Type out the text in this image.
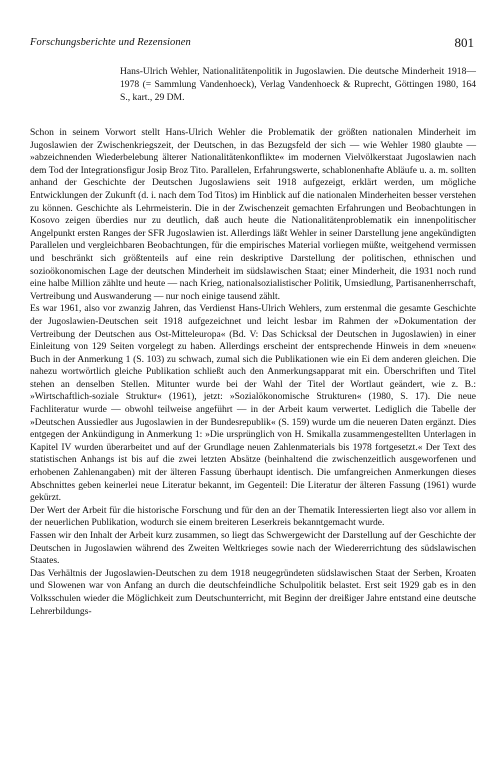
Forschungsberichte und Rezensionen	801
Hans-Ulrich Wehler, Nationalitätenpolitik in Jugoslawien. Die deutsche Minderheit 1918—1978 (= Sammlung Vandenhoeck), Verlag Vandenhoeck & Ruprecht, Göttingen 1980, 164 S., kart., 29 DM.

Schon in seinem Vorwort stellt Hans-Ulrich Wehler die Problematik der größten nationalen Minderheit im Jugoslawien der Zwischenkriegszeit, der Deutschen, in das Bezugsfeld der sich — wie Wehler 1980 glaubte — »abzeichnenden Wiederbelebung älterer Nationalitätenkonflikte« im modernen Vielvölkerstaat Jugoslawien nach dem Tod der Integrationsfigur Josip Broz Tito. Parallelen, Erfahrungswerte, schablonenhafte Abläufe u. a. m. sollten anhand der Geschichte der Deutschen Jugoslawiens seit 1918 aufgezeigt, erklärt werden, um mögliche Entwicklungen der Zukunft (d. i. nach dem Tod Titos) im Hinblick auf die nationalen Minderheiten besser verstehen zu können. Geschichte als Lehrmeisterin. Die in der Zwischenzeit gemachten Erfahrungen und Beobachtungen in Kosovo zeigen überdies nur zu deutlich, daß auch heute die Nationalitätenproblematik ein innenpolitischer Angelpunkt ersten Ranges der SFR Jugoslawien ist. Allerdings läßt Wehler in seiner Darstellung jene angekündigten Parallelen und vergleichbaren Beobachtungen, für die empirisches Material vorliegen müßte, weitgehend vermissen und beschränkt sich größtenteils auf eine rein deskriptive Darstellung der politischen, ethnischen und sozioökonomischen Lage der deutschen Minderheit im südslawischen Staat; einer Minderheit, die 1931 noch rund eine halbe Million zählte und heute — nach Krieg, nationalsozialistischer Politik, Umsiedlung, Partisanenherrschaft, Vertreibung und Auswanderung — nur noch einige tausend zählt.

Es war 1961, also vor zwanzig Jahren, das Verdienst Hans-Ulrich Wehlers, zum erstenmal die gesamte Geschichte der Jugoslawien-Deutschen seit 1918 aufgezeichnet und leicht lesbar im Rahmen der »Dokumentation der Vertreibung der Deutschen aus Ost-Mitteleuropa« (Bd. V: Das Schicksal der Deutschen in Jugoslawien) in einer Einleitung von 129 Seiten vorgelegt zu haben. Allerdings erscheint der entsprechende Hinweis in dem »neuen« Buch in der Anmerkung 1 (S. 103) zu schwach, zumal sich die Publikationen wie ein Ei dem anderen gleichen. Die nahezu wortwörtlich gleiche Publikation schließt auch den Anmerkungsapparat mit ein. Überschriften und Titel stehen an denselben Stellen. Mitunter wurde bei der Wahl der Titel der Wortlaut geändert, wie z. B.: »Wirtschaftlich-soziale Struktur« (1961), jetzt: »Sozialökonomische Strukturen« (1980, S. 17). Die neue Fachliteratur wurde — obwohl teilweise angeführt — in der Arbeit kaum verwertet. Lediglich die Tabelle der »Deutschen Aussiedler aus Jugoslawien in der Bundesrepublik« (S. 159) wurde um die neueren Daten ergänzt. Dies entgegen der Ankündigung in Anmerkung 1: »Die ursprünglich von H. Smikalla zusammengestellten Unterlagen in Kapitel IV wurden überarbeitet und auf der Grundlage neuen Zahlenmaterials bis 1978 fortgesetzt.« Der Text des statistischen Anhangs ist bis auf die zwei letzten Absätze (beinhaltend die zwischenzeitlich ausgeworfenen und erhobenen Zahlenangaben) mit der älteren Fassung überhaupt identisch. Die umfangreichen Anmerkungen dieses Abschnittes geben keinerlei neue Literatur bekannt, im Gegenteil: Die Literatur der älteren Fassung (1961) wurde gekürzt.

Der Wert der Arbeit für die historische Forschung und für den an der Thematik Interessierten liegt also vor allem in der neuerlichen Publikation, wodurch sie einem breiteren Leserkreis bekanntgemacht wurde.

Fassen wir den Inhalt der Arbeit kurz zusammen, so liegt das Schwergewicht der Darstellung auf der Geschichte der Deutschen in Jugoslawien während des Zweiten Weltkrieges sowie nach der Wiedererrichtung des südslawischen Staates.

Das Verhältnis der Jugoslawien-Deutschen zu dem 1918 neugegründeten südslawischen Staat der Serben, Kroaten und Slowenen war von Anfang an durch die deutschfeindliche Schulpolitik belastet. Erst seit 1929 gab es in den Volksschulen wieder die Möglichkeit zum Deutschunterricht, mit Beginn der dreißiger Jahre entstand eine deutsche Lehrerbildungs-
